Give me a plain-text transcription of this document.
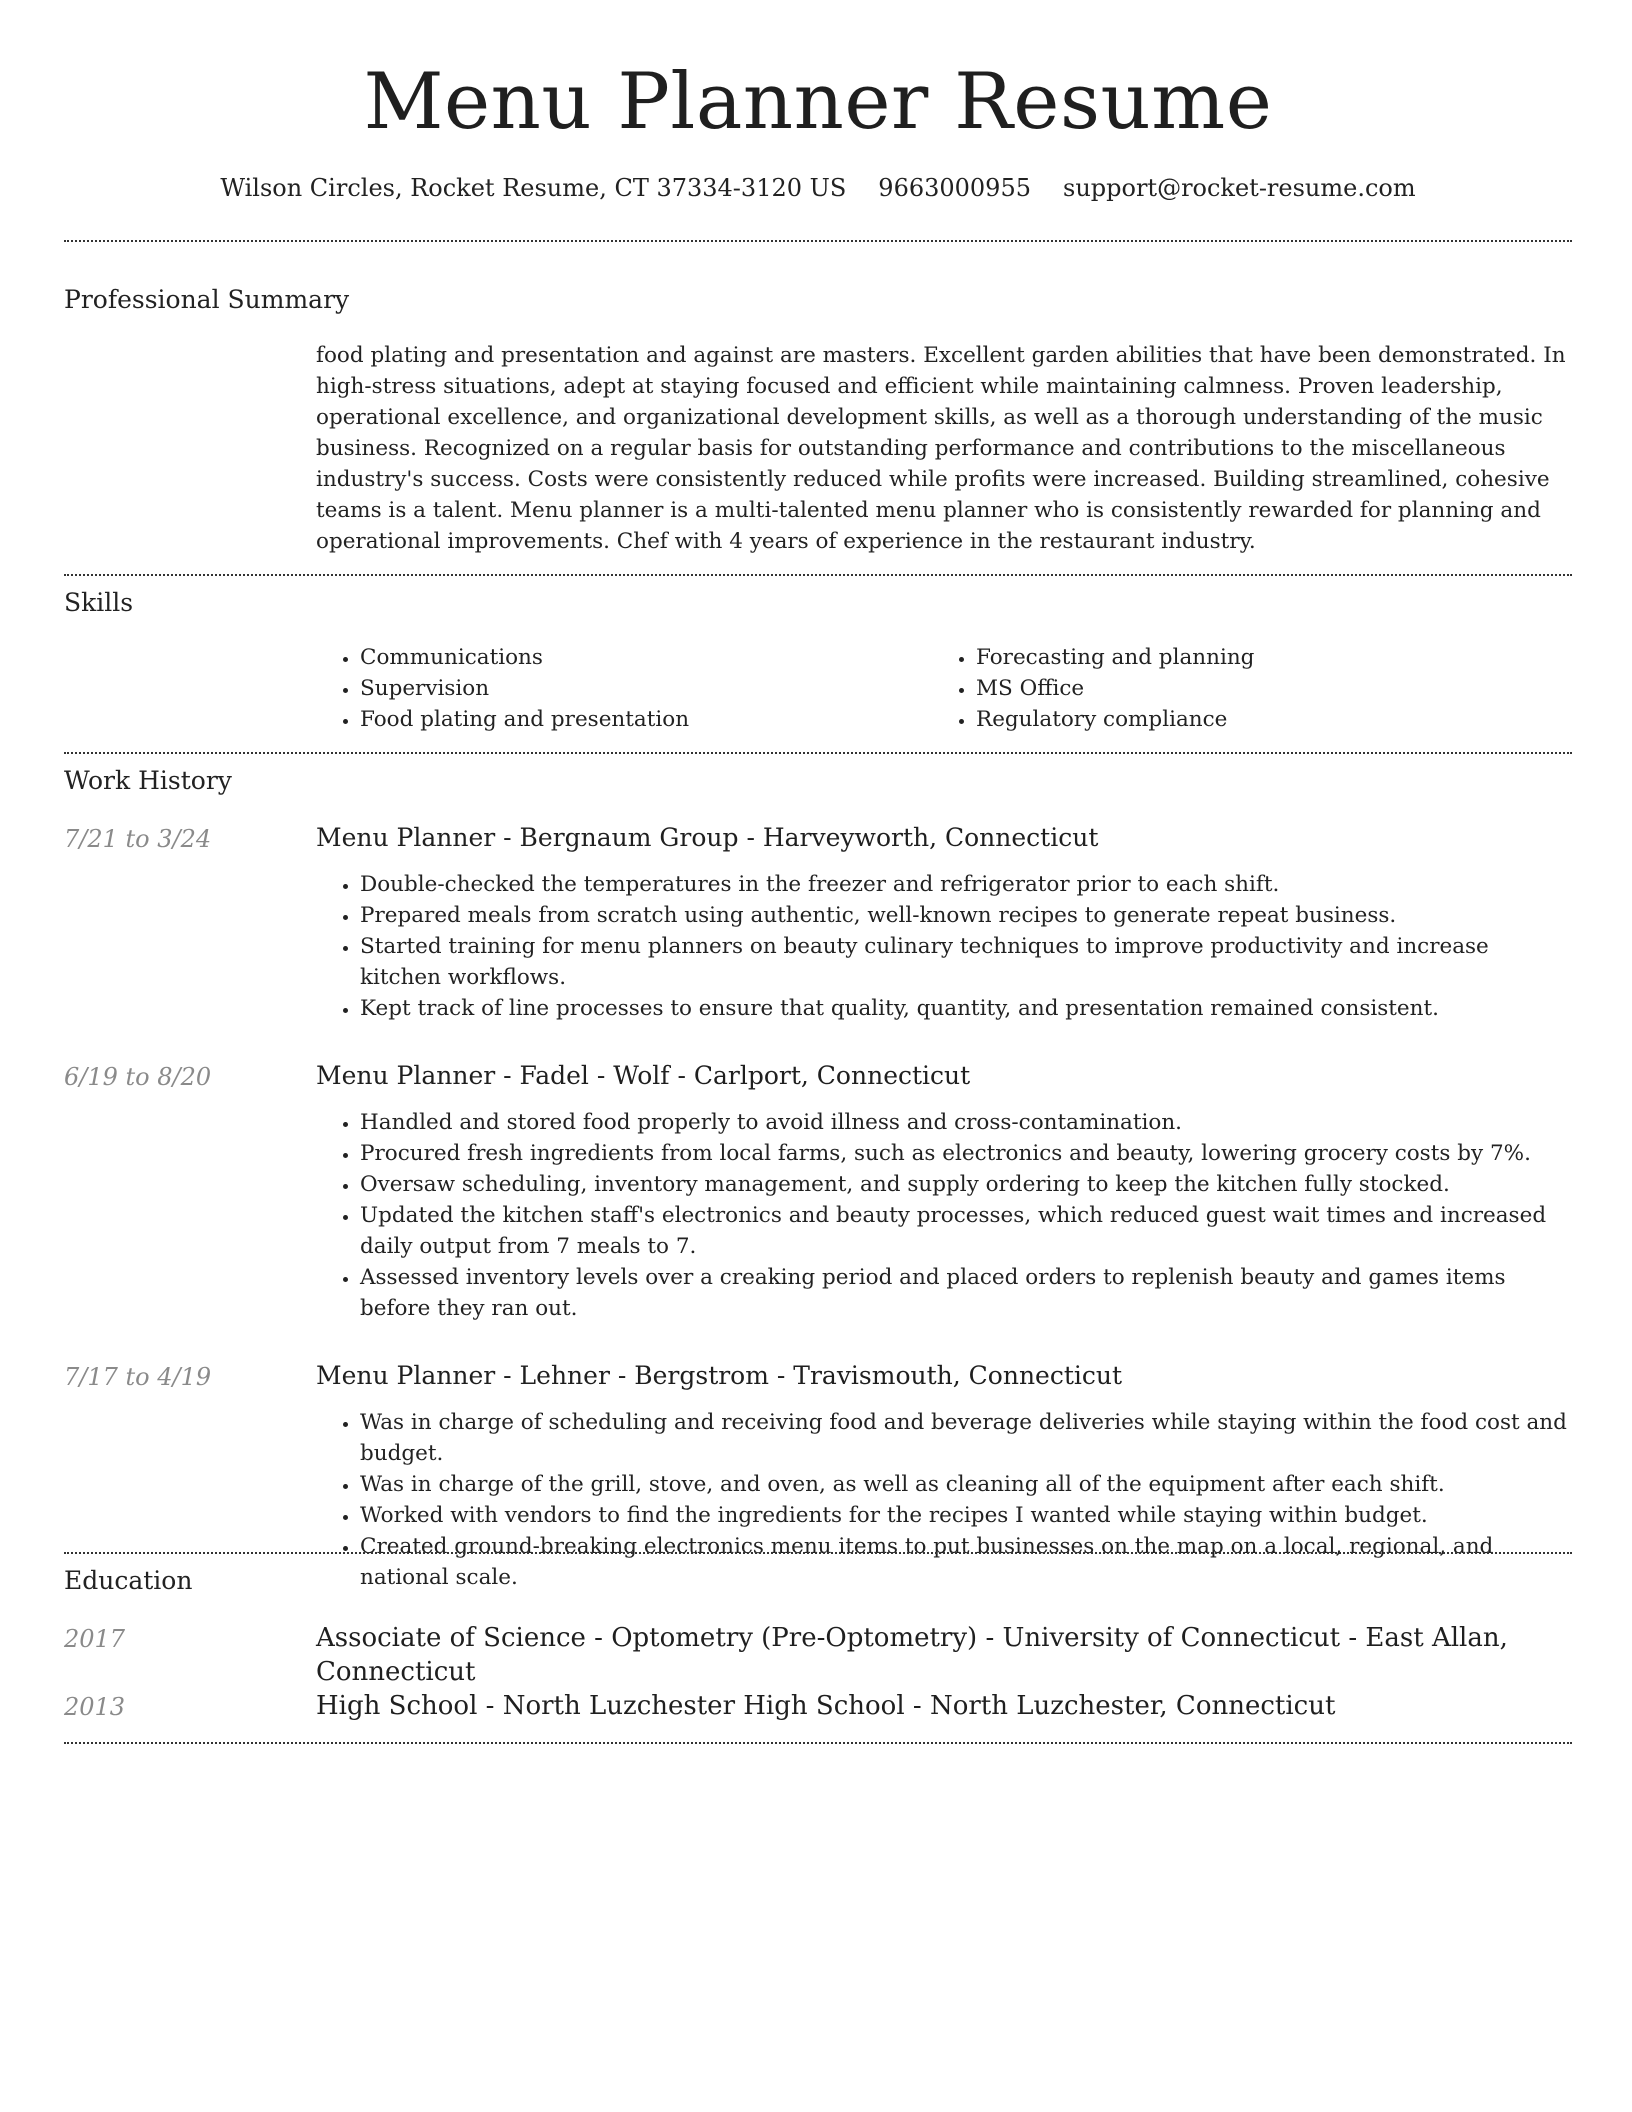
Menu Planner Resume
Wilson Circles, Rocket Resume, CT 37334-3120 US 9663000955 support@rocket-resume.com
Professional Summary

food plating and presentation and against are masters. Excellent garden abilities that have been demonstrated. In high-stress situations, adept at staying focused and efficient while maintaining calmness. Proven leadership, operational excellence, and organizational development skills, as well as a thorough understanding of the music business. Recognized on a regular basis for outstanding performance and contributions to the miscellaneous industry's success. Costs were consistently reduced while profits were increased. Building streamlined, cohesive teams is a talent. Menu planner is a multi-talented menu planner who is consistently rewarded for planning and operational improvements. Chef with 4 years of experience in the restaurant industry.

Skills
• Communications
• Supervision
• Food plating and presentation
• Forecasting and planning
• MS Office
• Regulatory compliance
Work History
7/21 to 3/24	Menu Planner - Bergnaum Group - Harveyworth, Connecticut
• Double-checked the temperatures in the freezer and refrigerator prior to each shift.
• Prepared meals from scratch using authentic, well-known recipes to generate repeat business.
• Started training for menu planners on beauty culinary techniques to improve productivity and increase kitchen workflows.
• Kept track of line processes to ensure that quality, quantity, and presentation remained consistent.
6/19 to 8/20	Menu Planner - Fadel - Wolf - Carlport, Connecticut
• Handled and stored food properly to avoid illness and cross-contamination.
• Procured fresh ingredients from local farms, such as electronics and beauty, lowering grocery costs by 7%.
• Oversaw scheduling, inventory management, and supply ordering to keep the kitchen fully stocked.
• Updated the kitchen staff's electronics and beauty processes, which reduced guest wait times and increased daily output from 7 meals to 7.
• Assessed inventory levels over a creaking period and placed orders to replenish beauty and games items before they ran out.
7/17 to 4/19	Menu Planner - Lehner - Bergstrom - Travismouth, Connecticut
• Was in charge of scheduling and receiving food and beverage deliveries while staying within the food cost and budget.
• Was in charge of the grill, stove, and oven, as well as cleaning all of the equipment after each shift.
• Worked with vendors to find the ingredients for the recipes I wanted while staying within budget.
• Created ground-breaking electronics menu items to put businesses on the map on a local, regional, and national scale.
Education
2017	Associate of Science - Optometry (Pre-Optometry) - University of Connecticut - East Allan, Connecticut
2013	High School - North Luzchester High School - North Luzchester, Connecticut
